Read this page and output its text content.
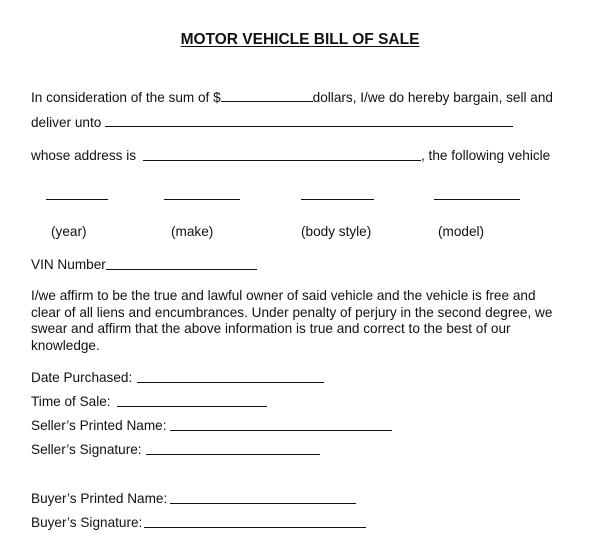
MOTOR VEHICLE BILL OF SALE
In consideration of the sum of $	dollars, I/we do hereby bargain, sell and
deliver unto
whose address is	, the following vehicle
(year)	(make)	(body style)	(model)
VIN Number
I/we affirm to be the true and lawful owner of said vehicle and the vehicle is free and clear of all liens and encumbrances. Under penalty of perjury in the second degree, we swear and affirm that the above information is true and correct to the best of our knowledge.
Date Purchased:
Time of Sale:
Seller’s Printed Name:
Seller’s Signature:
Buyer’s Printed Name:
Buyer’s Signature:
